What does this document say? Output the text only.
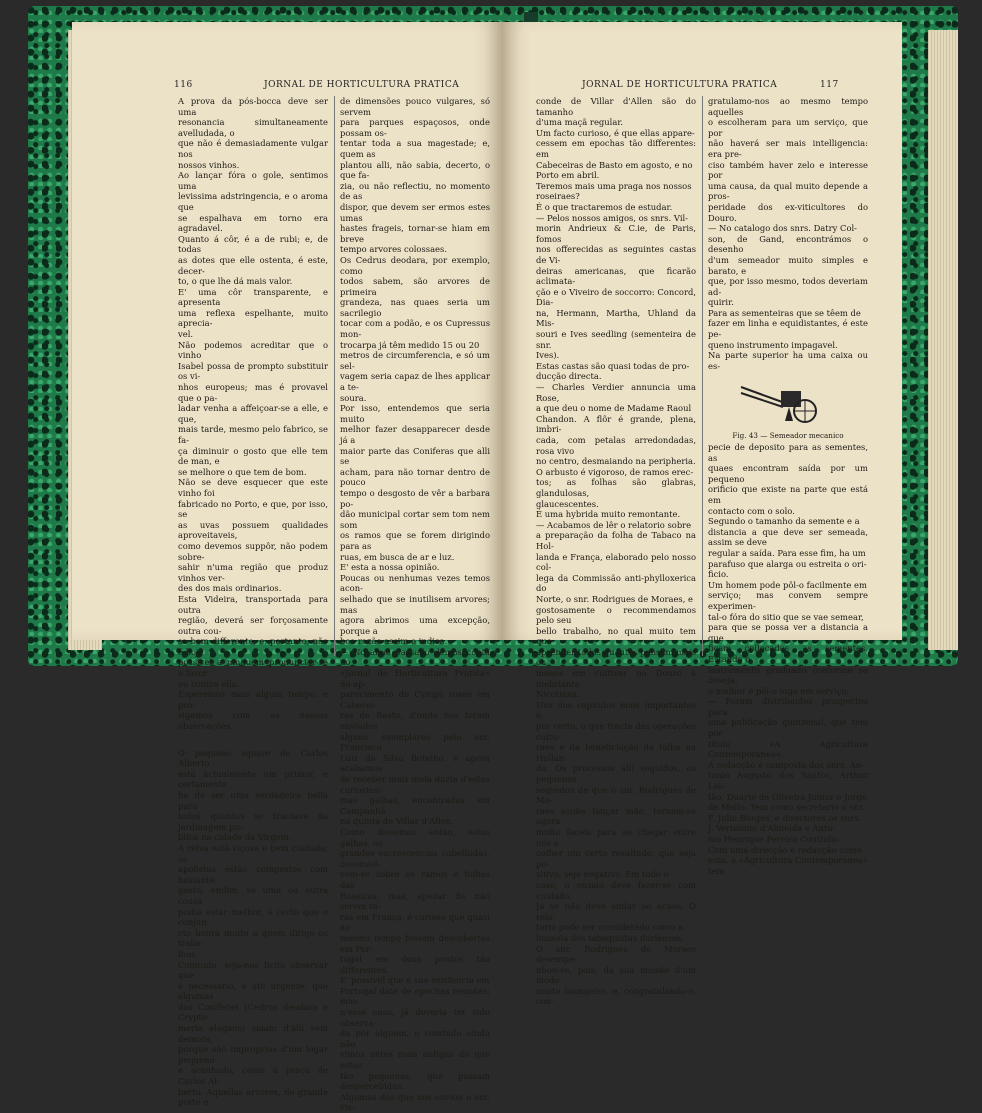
116	JORNAL DE HORTICULTURA PRATICA

A prova da pós-bocca deve ser uma

resonancia simultaneamente avelludada, o

que não é demasiadamente vulgar nos

nossos vinhos.

Ao lançar fóra o gole, sentimos uma

levissima adstringencia, e o aroma que

se espalhava em torno era agradavel.

Quanto á côr, é a de rubi; e, de todas

as dotes que elle ostenta, é este, decer-

to, o que lhe dá mais valor.

E' uma côr transparente, e apresenta

uma reflexa espelhante, muito aprecia-

vel.

Não podemos acreditar que o vinho

Isabel possa de prompto substituir os vi-

nhos europeus; mas é provavel que o pa-

ladar venha a affeiçoar-se a elle, e que,

mais tarde, mesmo pelo fabrico, se fa-

ça diminuir o gosto que elle tem de man, e

se melhore o que tem de bom.

Não se deve esquecer que este vinho foi

fabricado no Porto, e que, por isso, se

as uvas possuem qualidades aproveitaveis,

como devemos suppôr, não podem sobre-

sahir n'uma região que produz vinhos ver-

des dos mais ordinarios.

Esta Videira, transportada para outra

região, deverá ser forçosamente outra cou-

sa bem differente, e, portanto, não é hoje

possivel a ninguem pronunciar-se a favor

ou contra ella.

Esperemos mais algum tempo, e pro-

sigamos com as nossas observações.

O pequeno square de Carlos Alberto

está actualmente um primor, e certamente

ha de ser uma verdadeira bella para

todos quantos se tractava da jardinagem pu-

blica na cidade da Virgem.

A relva está viçosa e bem cuidada; os

apofistas estão compostos com bastante

gosto; emfim, se uma ou outra cousa

podia estar melhor, é certo que o conjun-

cto honra muito a quem dirige os traba-

lhos.

Comtudo, seja-nos licito observar que

é necessario, e até urgente, que algumas

das Coniferas (Cedrus deodara e Crypto-

meria elegans) saiam d'alli sem demora,

porque são improprias d'um logar pequeno

e acanhado, como a praça de Carlos Al-

berto. Aquellas arvores, de grande porte e

de dimensões pouco vulgares, só servem

para parques espaçosos, onde possam os-

tentar toda a sua magestade; e, quem as

plantou alli, não sabia, decerto, o que fa-

zia, ou não reflectiu, no momento de as

dispor, que devem ser ermos estes umas

hastes frageis, tornar-se hiam em breve

tempo arvores colossaes.

Os Cedrus deodara, por exemplo, como

todos sabem, são arvores de primeira

grandeza, nas quaes seria um sacrilegio

tocar com a podão, e os Cupressus mon-

trocarpa já têm medido 15 ou 20

metros de circumferencia, e só um sel-

vagem seria capaz de lhes applicar a te-

soura.

Por isso, entendemos que seria muito

melhor fazer desapparecer desde já a

maior parte das Coniferas que alli se

acham, para não tornar dentro de pouco

tempo o desgosto de vêr a barbara po-

dão municipal cortar sem tom nem som

os ramos que se forem dirigindo para as

ruas, em busca de ar e luz.

E' esta a nossa opinião.

Poucas ou nenhumas vezes temos acon-

selhado que se inutilisem arvores; mas

agora abrimos uma excepção, porque a

boa razão assim o indica.

— No anno passado demos conta no

«Jornal de Horticultura Pratica» do ap-

parecimento do Cynips rosae em Cabecei-

ras de Basto, d'onde nos foram enviados

alguns exemplares pelo snr. Francisco

Luiz da Silva Botelho, e agora acabamos

de receber mais meia duzia d'estas curiosissi-

mas galhas, encontradas em Campanhã

na quinta de Villar d'Allen.

Como dissemos então, estas galhas, os

grandes excrescencias cabelludas, desenvol-

vem-se sobre os ramos e folhas das

Roseiras; mas, apezar de não serem ra-

ras em França, é curioso que quasi ao

mesmo tempo fossem descobertas em Por-

tugal em dous pontos tão differentes.

E' possivel que a sua existencia em

Portugal date de epochas remotas; mas

n'esse caso, já deveria ter sido observa-

da por alguem, e comtudo ainda não

vimos antes mais antigas do que estas

tão pequenas, que passam despercebidas.

Algumas das que nos enviou o snr. vis-

JORNAL DE HORTICULTURA PRATICA	117

conde de Villar d'Allen são do tamanho

d'uma maçã regular.

Um facto curioso, é que ellas appare-

cessem em epochas tão differentes: em

Cabeceiras de Basto em agosto, e no

Porto em abril.

Teremos mais uma praga nos nossos

roseiraes?

É o que tractaremos de estudar.

— Pelos nossos amigos, os snrs. Vil-

morin Andrieux & C.ie, de Paris, fomos

nos offerecidas as seguintes castas de Vi-

deiras americanas, que ficarão aclimata-

ção e o Viveiro de soccorro: Concord, Dia-

na, Hermann, Martha, Uhland da Mis-

souri e Ives seedling (sementeira de snr.

Ives).

Estas castas são quasi todas de pro-

ducção directa.

— Charles Verdier annuncia uma Rose,

a que deu o nome de Madame Raoul

Chandon. A flôr é grande, plena, imbri-

cada, com petalas arredondadas, rosa vivo

no centro, desmaiando na peripheria.

O arbusto é vigoroso, de ramos erec-

tos; as folhas são glabras, glandulosas,

glaucescentes.

É uma hybrida muito remontante.

— Acabamos de lêr o relatorio sobre

a preparação da folha de Tabaco na Hol-

landa e França, elaborado pelo nosso col-

lega da Commissão anti-phylloxerica do

Norte, o snr. Rodrigues de Moraes, e

gostosamente o recommendamos pelo seu

bello trabalho, no qual muito tem que

aprender todos quantos pensam mais ou

menos em cultivar no Douro a inebriante

Nicotiana.

Uns dos capitulos mais importantes é,

por certo, o que tracta das operações cultu-

raes e da beneficiação da folha na Hollan-

da. Os processos alli seguidos, os pequenos

segredos de que o snr. Rodrigues de Mo-

raes soube lançar mão, tornam-se agora

muito faceis para se chegar entre nós a

colher um certo resultado, que seja po-

sitivo, seja negativo. Em todo o

caso, o ensaio deve fazer-se com cuidado.

Já se não deve andar ao acaso. O rela-

torio pode ser considerado como a

bussola dos tabaquistas durienses.

O snr. Rodrigues de Moraes desempe-

nhou-se, pois, da sua missão d'um modo

muito lisongeiro, e, congratulando-o, con-

gratulamo-nos ao mesmo tempo aquelles

o escolheram para um serviço, que por

não haverá ser mais intelligencia: era pre-

ciso também haver zelo e interesse por

uma causa, da qual muito depende a pros-

peridade dos ex-viticultores do Douro.

— No catalogo dos snrs. Datry Col-

son, de Gand, encontrámos o desenho

d'um semeador muito simples e barato, e

que, por isso mesmo, todos deveriam ad-

quirir.

Para as sementeiras que se têem de

fazer em linha e equidistantes, é este pe-

queno instrumento impagavel.

Na parte superior ha uma caixa ou es-

Fig. 43 — Semeador mecanico

pecie de deposito para as sementes, as

quaes encontram saída por um pequeno

orificio que existe na parte que está em

contacto com o solo.

Segundo o tamanho da semente e a

distancia a que deve ser semeada, assim se deve

regular a saída. Para esse fim, ha um

parafuso que alarga ou estreita o ori-

ficio.

Um homem pode pôl-o facilmente em

serviço; mas convem sempre experimen-

tal-o fóra do sitio que se vae semear,

para que se possa ver a distancia a que

ficam collocadas as sementes. Estando o

instrumento graduado conforme se deseja,

o melhor é pôl-o logo em serviço.

— Foram distribuidos prospectos para

uma publicação quinzenal, que tem por

titulo «A Agricultura Contemporanea».

A redacção é composta dos snrs. An-

tonio Augusto dos Santos, Arthur Lei-

tão, Duarte de Oliveira Junior e Jorge

de Mello. Tem como secretario o snr.

F. Julio Borges, e directores os snrs.

J. Verissimo d'Almeida e Anto-

nio Henrique Pereira Coutinho.

Com uma direcção e redacção como

esta, a «Agricultura Contemporanea» tem
